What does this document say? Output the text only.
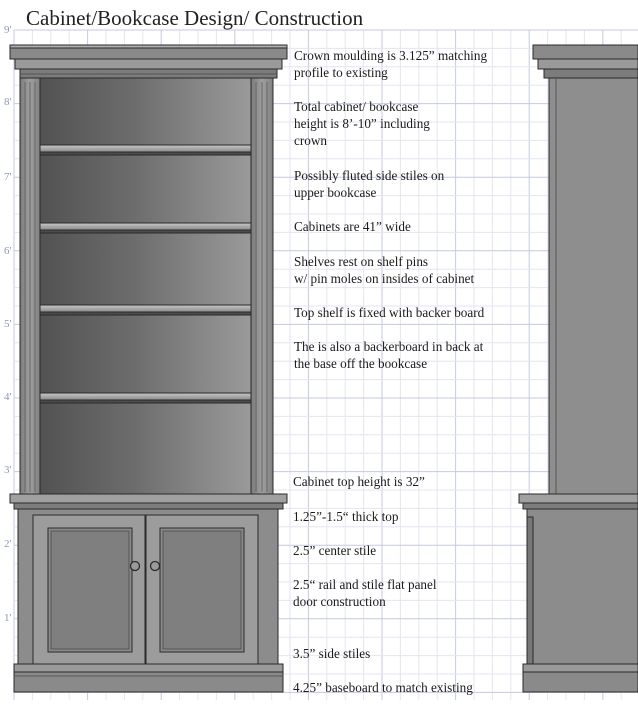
Cabinet/Bookcase Design/ Construction
9'
8'
7'
6'
5'
4'
3'
2'
1'
Crown moulding is 3.125” matching
profile to existing
Total cabinet/ bookcase
height is 8’-10” including
crown
Possibly fluted side stiles on
upper bookcase
Cabinets are 41” wide
Shelves rest on shelf pins
w/ pin moles on insides of cabinet
Top shelf is fixed with backer board
The is also a backerboard in back at
the base off the bookcase
Cabinet top height is 32”
1.25”-1.5“ thick top
2.5” center stile
2.5“ rail and stile flat panel
door construction
3.5” side stiles
4.25” baseboard to match existing
